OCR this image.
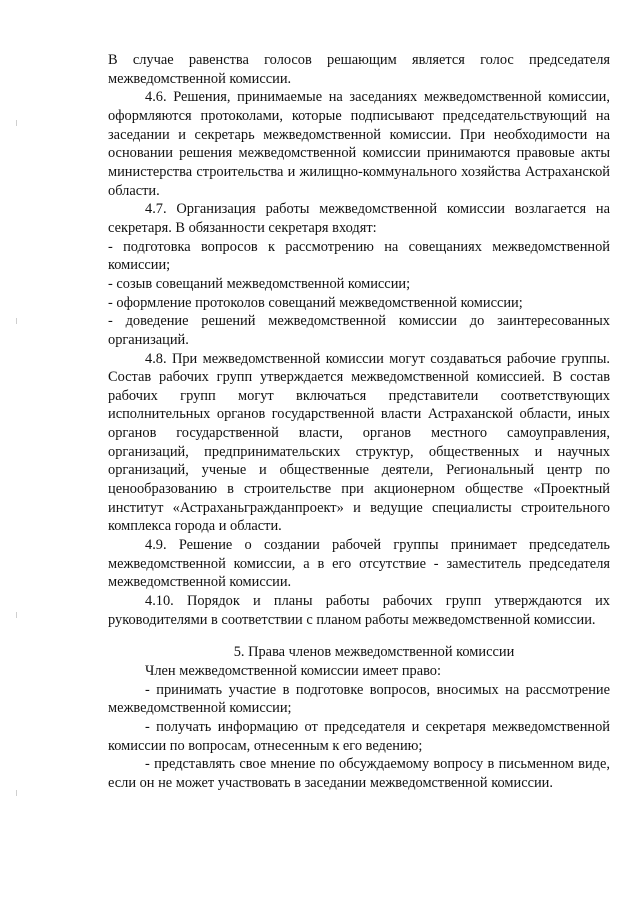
В случае равенства голосов решающим является голос председателя межведомственной комиссии.

4.6. Решения, принимаемые на заседаниях межведомственной комиссии, оформляются протоколами, которые подписывают председательствующий на заседании и секретарь межведомственной комиссии. При необходимости на основании решения межведомственной комиссии принимаются правовые акты министерства строительства и жилищно-коммунального хозяйства Астраханской области.

4.7. Организация работы межведомственной комиссии возлагается на секретаря. В обязанности секретаря входят:

- подготовка вопросов к рассмотрению на совещаниях межведомственной комиссии;

- созыв совещаний межведомственной комиссии;

- оформление протоколов совещаний межведомственной комиссии;

- доведение решений межведомственной комиссии до заинтересованных организаций.

4.8. При межведомственной комиссии могут создаваться рабочие группы. Состав рабочих групп утверждается межведомственной комиссией. В состав рабочих групп могут включаться представители соответствующих исполнительных органов государственной власти Астраханской области, иных органов государственной власти, органов местного самоуправления, организаций, предпринимательских структур, общественных и научных организаций, ученые и общественные деятели, Региональный центр по ценообразованию в строительстве при акционерном обществе «Проектный институт «Астраханьгражданпроект» и ведущие специалисты строительного комплекса города и области.

4.9. Решение о создании рабочей группы принимает председатель межведомственной комиссии, а в его отсутствие - заместитель председателя межведомственной комиссии.

4.10. Порядок и планы работы рабочих групп утверждаются их руководителями в соответствии с планом работы межведомственной комиссии.

5. Права членов межведомственной комиссии

Член межведомственной комиссии имеет право:

- принимать участие в подготовке вопросов, вносимых на рассмотрение межведомственной комиссии;

- получать информацию от председателя и секретаря межведомственной комиссии по вопросам, отнесенным к его ведению;

- представлять свое мнение по обсуждаемому вопросу в письменном виде, если он не может участвовать в заседании межведомственной комиссии.
